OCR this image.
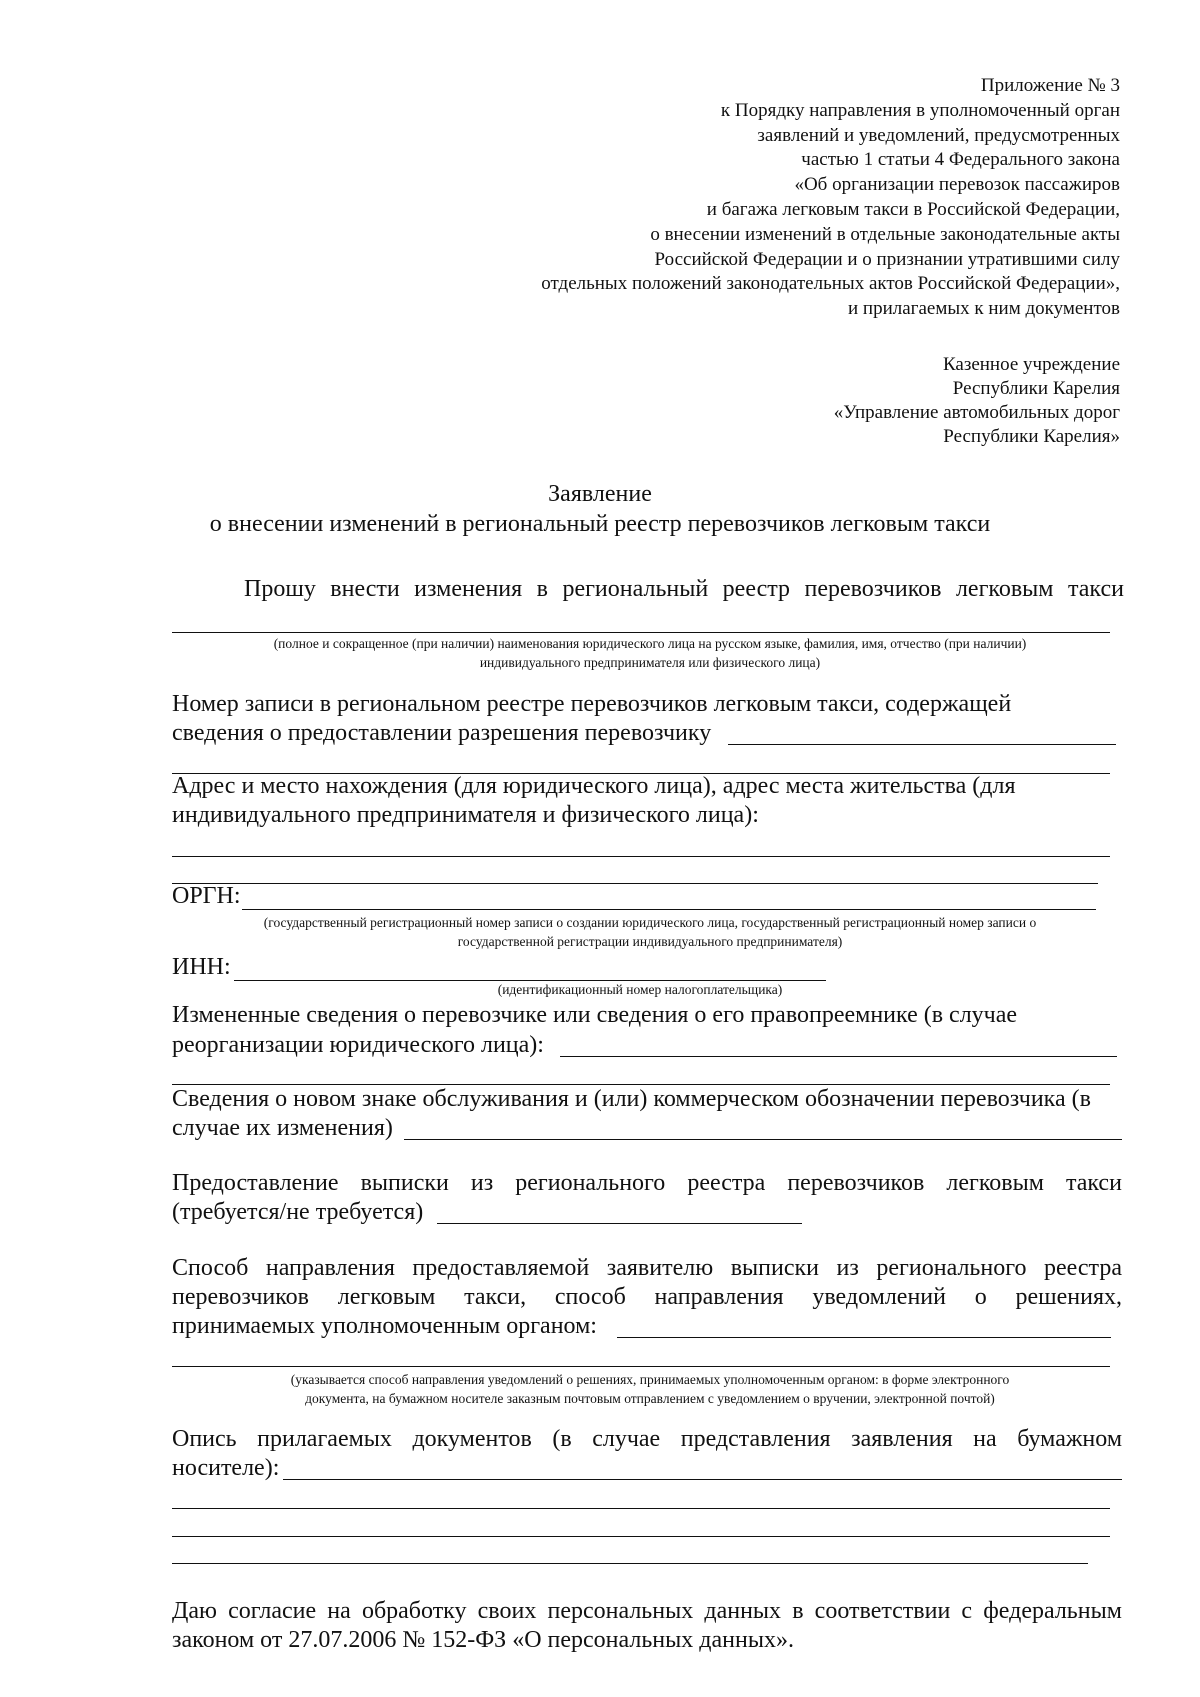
Приложение № 3
к Порядку направления в уполномоченный орган
заявлений и уведомлений, предусмотренных
частью 1 статьи 4 Федерального закона
«Об организации перевозок пассажиров
и багажа легковым такси в Российской Федерации,
о внесении изменений в отдельные законодательные акты
Российской Федерации и о признании утратившими силу
отдельных положений законодательных актов Российской Федерации»,
и прилагаемых к ним документов
Казенное учреждение
Республики Карелия
«Управление автомобильных дорог
Республики Карелия»
Заявление
о внесении изменений в региональный реестр перевозчиков легковым такси
Прошу внести изменения в региональный реестр перевозчиков легковым такси
(полное и сокращенное (при наличии) наименования юридического лица на русском языке, фамилия, имя, отчество (при наличии)
индивидуального предпринимателя или физического лица)
Номер записи в региональном реестре перевозчиков легковым такси, содержащей
сведения о предоставлении разрешения перевозчику
Адрес и место нахождения (для юридического лица), адрес места жительства (для
индивидуального предпринимателя и физического лица):
ОРГН:
(государственный регистрационный номер записи о создании юридического лица, государственный регистрационный номер записи о
государственной регистрации индивидуального предпринимателя)
ИНН:
(идентификационный номер налогоплательщика)
Измененные сведения о перевозчике или сведения о его правопреемнике (в случае
реорганизации юридического лица):
Сведения о новом знаке обслуживания и (или) коммерческом обозначении перевозчика (в
случае их изменения)
Предоставление выписки из регионального реестра перевозчиков легковым такси
(требуется/не требуется)
Способ направления предоставляемой заявителю выписки из регионального реестра
перевозчиков легковым такси, способ направления уведомлений о решениях,
принимаемых уполномоченным органом:
(указывается способ направления уведомлений о решениях, принимаемых уполномоченным органом: в форме электронного
документа, на бумажном носителе заказным почтовым отправлением с уведомлением о вручении, электронной почтой)
Опись прилагаемых документов (в случае представления заявления на бумажном
носителе):
Даю согласие на обработку своих персональных данных в соответствии с федеральным
законом от 27.07.2006 № 152-ФЗ «О персональных данных».
